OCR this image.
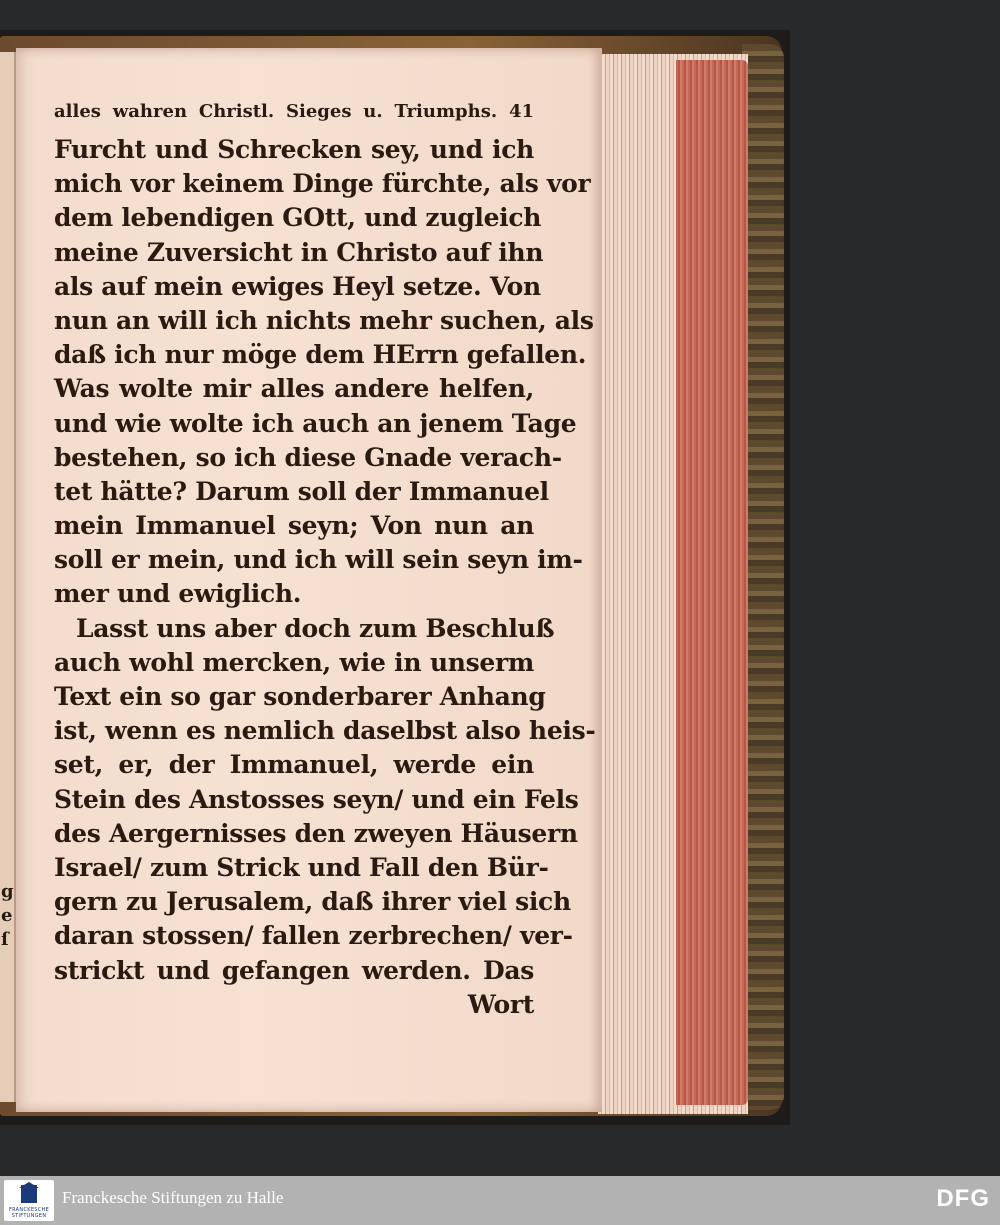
alles wahren Christl. Sieges u. Triumphs. 41
Furcht und Schrecken sey, und ich
mich vor keinem Dinge fürchte, als vor
dem lebendigen GOtt, und zugleich
meine Zuversicht in Christo auf ihn
als auf mein ewiges Heyl setze. Von
nun an will ich nichts mehr suchen, als
daß ich nur möge dem HErrn gefallen.
Was wolte mir alles andere helfen,
und wie wolte ich auch an jenem Tage
bestehen, so ich diese Gnade verach-
tet hätte? Darum soll der Immanuel
mein Immanuel seyn; Von nun an
soll er mein, und ich will sein seyn im-
mer und ewiglich.
Lasst uns aber doch zum Beschluß
auch wohl mercken, wie in unserm
Text ein so gar sonderbarer Anhang
ist, wenn es nemlich daselbst also heis-
set, er, der Immanuel, werde ein
Stein des Anstosses seyn/ und ein Fels
des Aergernisses den zweyen Häusern
Israel/ zum Strick und Fall den Bür-
gern zu Jerusalem, daß ihrer viel sich
daran stossen/ fallen zerbrechen/ ver-
strickt und gefangen werden. Das
Wort
g
e
ſ
FRANCKESCHE STIFTUNGEN
Franckesche Stiftungen zu Halle	DFG
